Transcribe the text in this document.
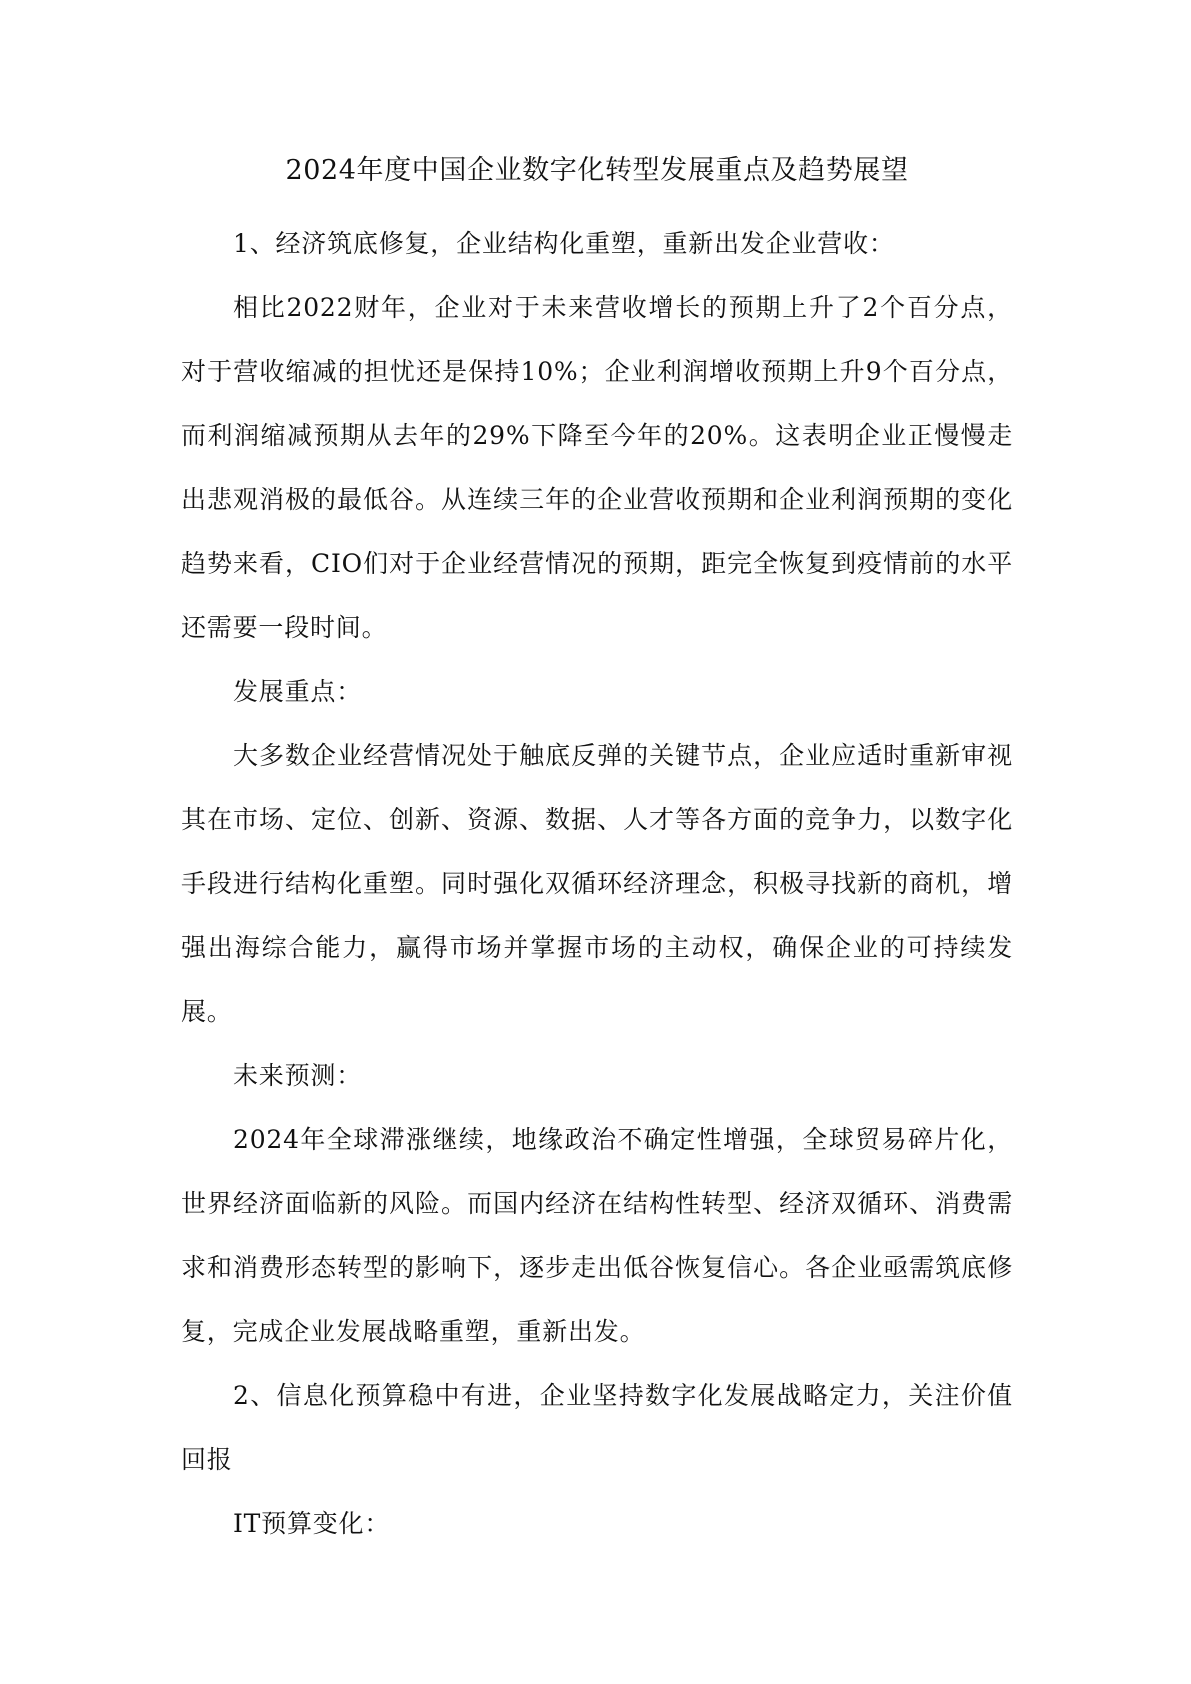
2024年度中国企业数字化转型发展重点及趋势展望

1、经济筑底修复，企业结构化重塑，重新出发企业营收：

相比2022财年，企业对于未来营收增长的预期上升了2个百分点，对于营收缩减的担忧还是保持10%；企业利润增收预期上升9个百分点，而利润缩减预期从去年的29%下降至今年的20%。这表明企业正慢慢走出悲观消极的最低谷。从连续三年的企业营收预期和企业利润预期的变化趋势来看，CIO们对于企业经营情况的预期，距完全恢复到疫情前的水平还需要一段时间。

发展重点：

大多数企业经营情况处于触底反弹的关键节点，企业应适时重新审视其在市场、定位、创新、资源、数据、人才等各方面的竞争力，以数字化手段进行结构化重塑。同时强化双循环经济理念，积极寻找新的商机，增强出海综合能力，赢得市场并掌握市场的主动权，确保企业的可持续发展。

未来预测：

2024年全球滞涨继续，地缘政治不确定性增强，全球贸易碎片化，世界经济面临新的风险。而国内经济在结构性转型、经济双循环、消费需求和消费形态转型的影响下，逐步走出低谷恢复信心。各企业亟需筑底修复，完成企业发展战略重塑，重新出发。

2、信息化预算稳中有进，企业坚持数字化发展战略定力，关注价值回报

IT预算变化：
